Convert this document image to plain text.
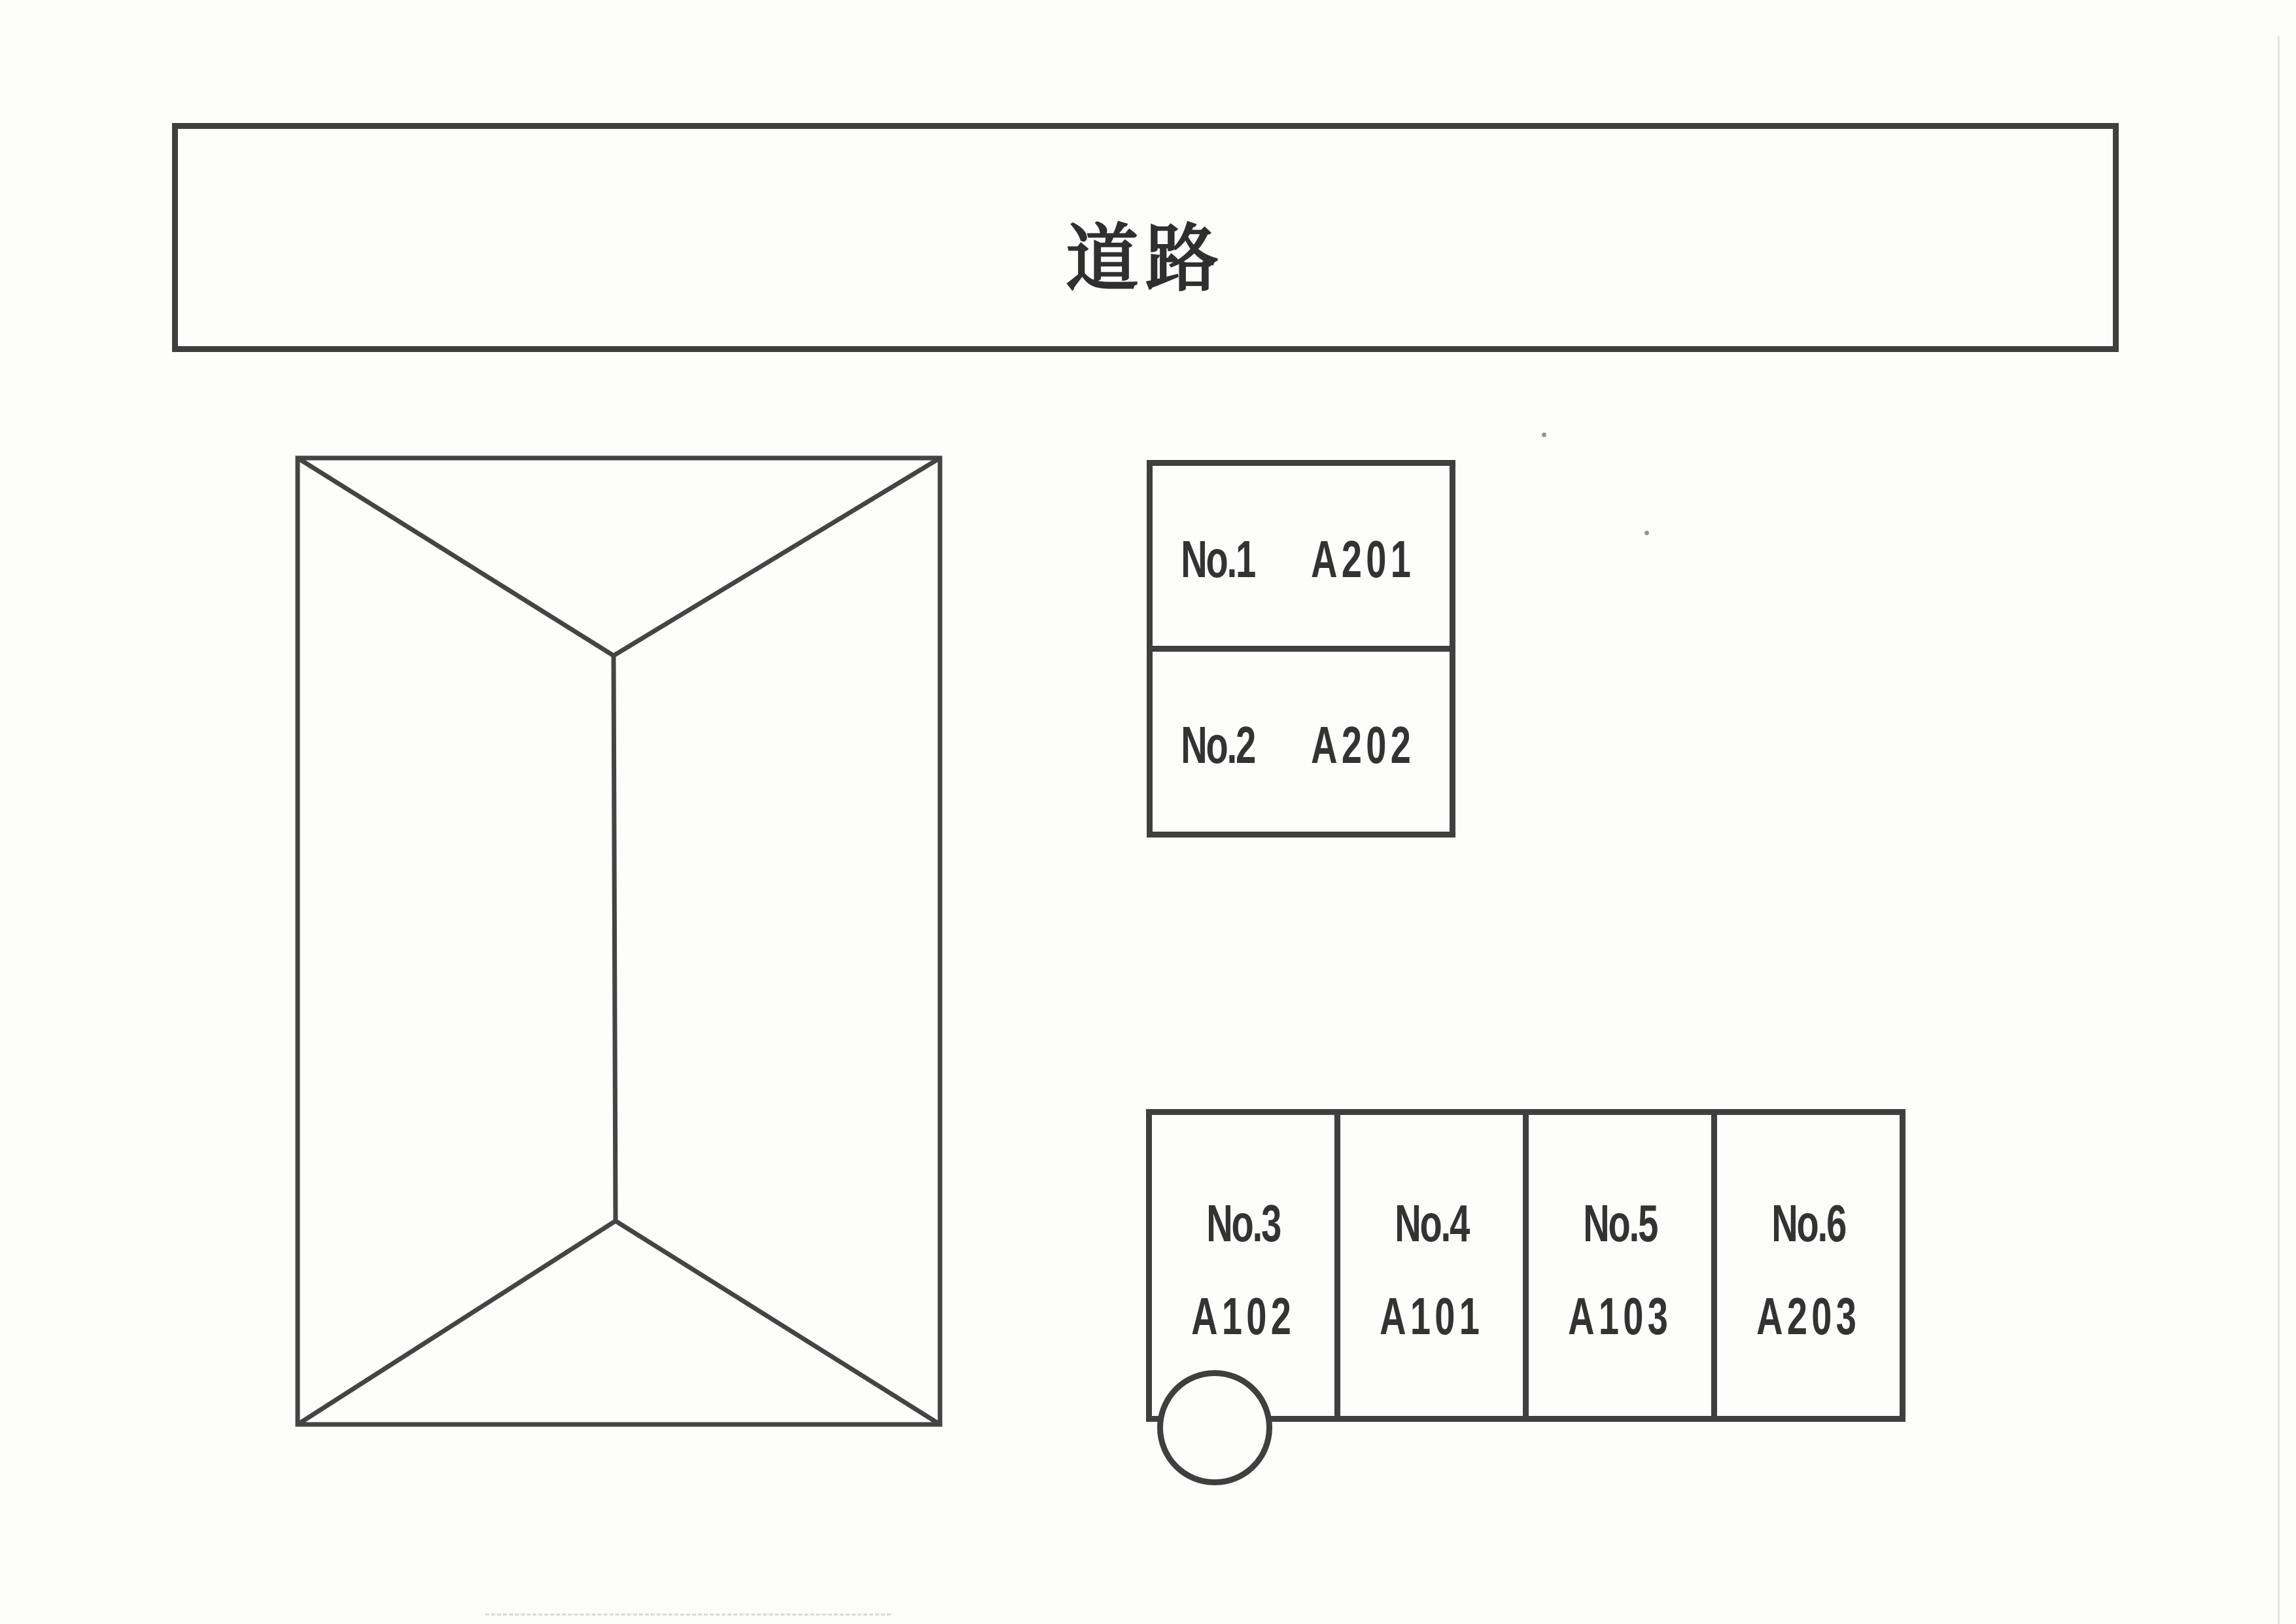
道路
No.1 A201
No.2 A202
No.3
A102
No.4
A101
No.5
A103
No.6
A203
